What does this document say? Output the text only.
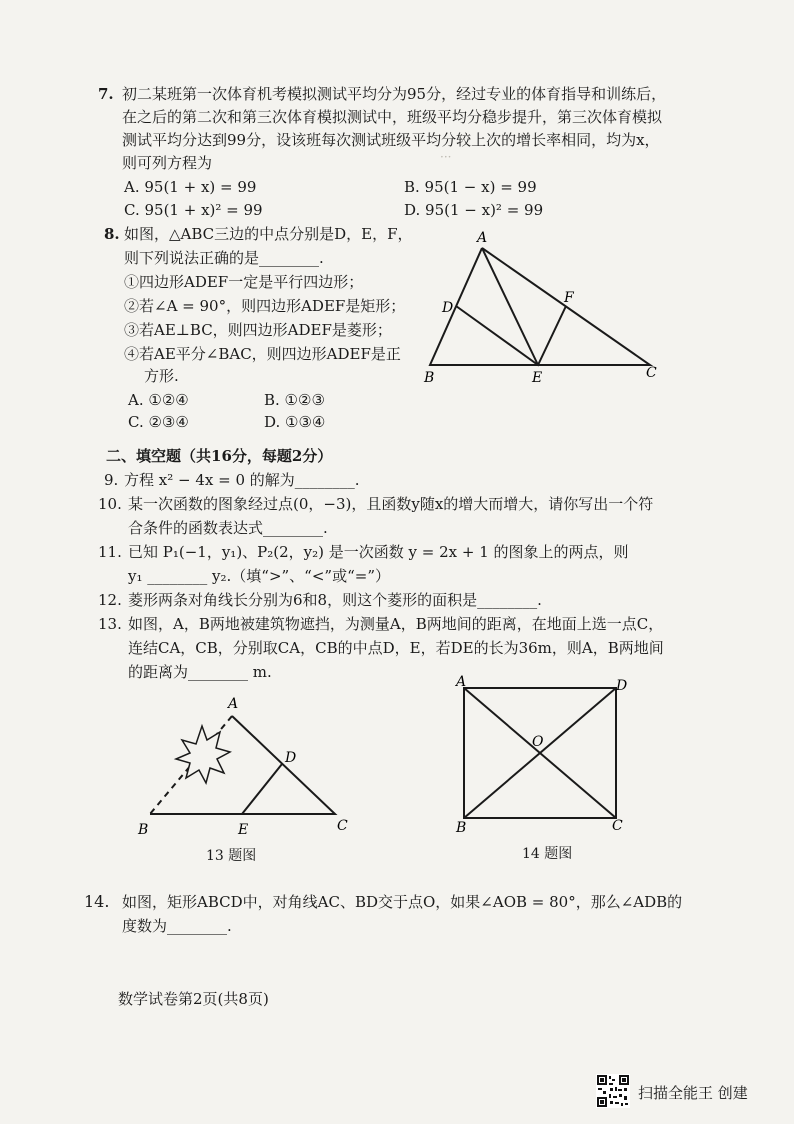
···
7. 初二某班第一次体育机考模拟测试平均分为95分，经过专业的体育指导和训练后，
在之后的第二次和第三次体育模拟测试中，班级平均分稳步提升，第三次体育模拟
测试平均分达到99分，设该班每次测试班级平均分较上次的增长率相同，均为x，
则可列方程为
A. 95(1 + x) = 99	B. 95(1 − x) = 99
C. 95(1 + x)² = 99	D. 95(1 − x)² = 99
8. 如图，△ABC三边的中点分别是D，E，F，
则下列说法正确的是________.
①四边形ADEF一定是平行四边形；
②若∠A = 90°，则四边形ADEF是矩形；
③若AE⊥BC，则四边形ADEF是菱形；
④若AE平分∠BAC，则四边形ADEF是正
方形.
A. ①②④	B. ①②③
C. ②③④	D. ①③④
A
D
F
B	E	C
二、填空题（共16分，每题2分）
9. 方程 x² − 4x = 0 的解为________.
10. 某一次函数的图象经过点(0，−3)，且函数y随x的增大而增大，请你写出一个符
合条件的函数表达式________.
11. 已知 P₁(−1，y₁)、P₂(2，y₂) 是一次函数 y = 2x + 1 的图象上的两点，则
y₁ ________ y₂.（填“>”、“<”或“=”）
12. 菱形两条对角线长分别为6和8，则这个菱形的面积是________.
13. 如图，A，B两地被建筑物遮挡，为测量A，B两地间的距离，在地面上选一点C，
连结CA，CB，分别取CA，CB的中点D，E，若DE的长为36m，则A，B两地间
的距离为________ m.
A
D
B	E	C
13 题图
A	D
O
B	C
14 题图
14. 如图，矩形ABCD中，对角线AC、BD交于点O，如果∠AOB = 80°，那么∠ADB的
度数为________.
数学试卷第2页(共8页)
扫描全能王 创建
